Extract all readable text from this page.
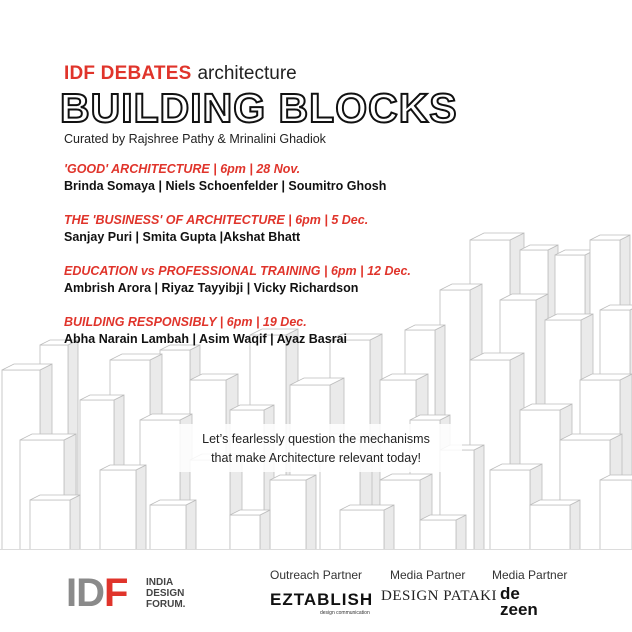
IDF DEBATES architecture
BUILDING BLOCKS
Curated by Rajshree Pathy & Mrinalini Ghadiok
'GOOD' ARCHITECTURE | 6pm | 28 Nov.
Brinda Somaya | Niels Schoenfelder | Soumitro Ghosh
THE 'BUSINESS' OF ARCHITECTURE | 6pm | 5 Dec.
Sanjay Puri | Smita Gupta |Akshat Bhatt
EDUCATION vs PROFESSIONAL TRAINING | 6pm | 12 Dec.
Ambrish Arora | Riyaz Tayyibji | Vicky Richardson
BUILDING RESPONSIBLY | 6pm | 19 Dec.
Abha Narain Lambah | Asim Waqif | Ayaz Basrai
Let’s fearlessly question the mechanisms
that make Architecture relevant today!
IDF INDIA
DESIGN
FORUM.
Outreach Partner Media Partner Media Partner
EZTABLISH
design communication
DESIGN PATAKI de
zeen
